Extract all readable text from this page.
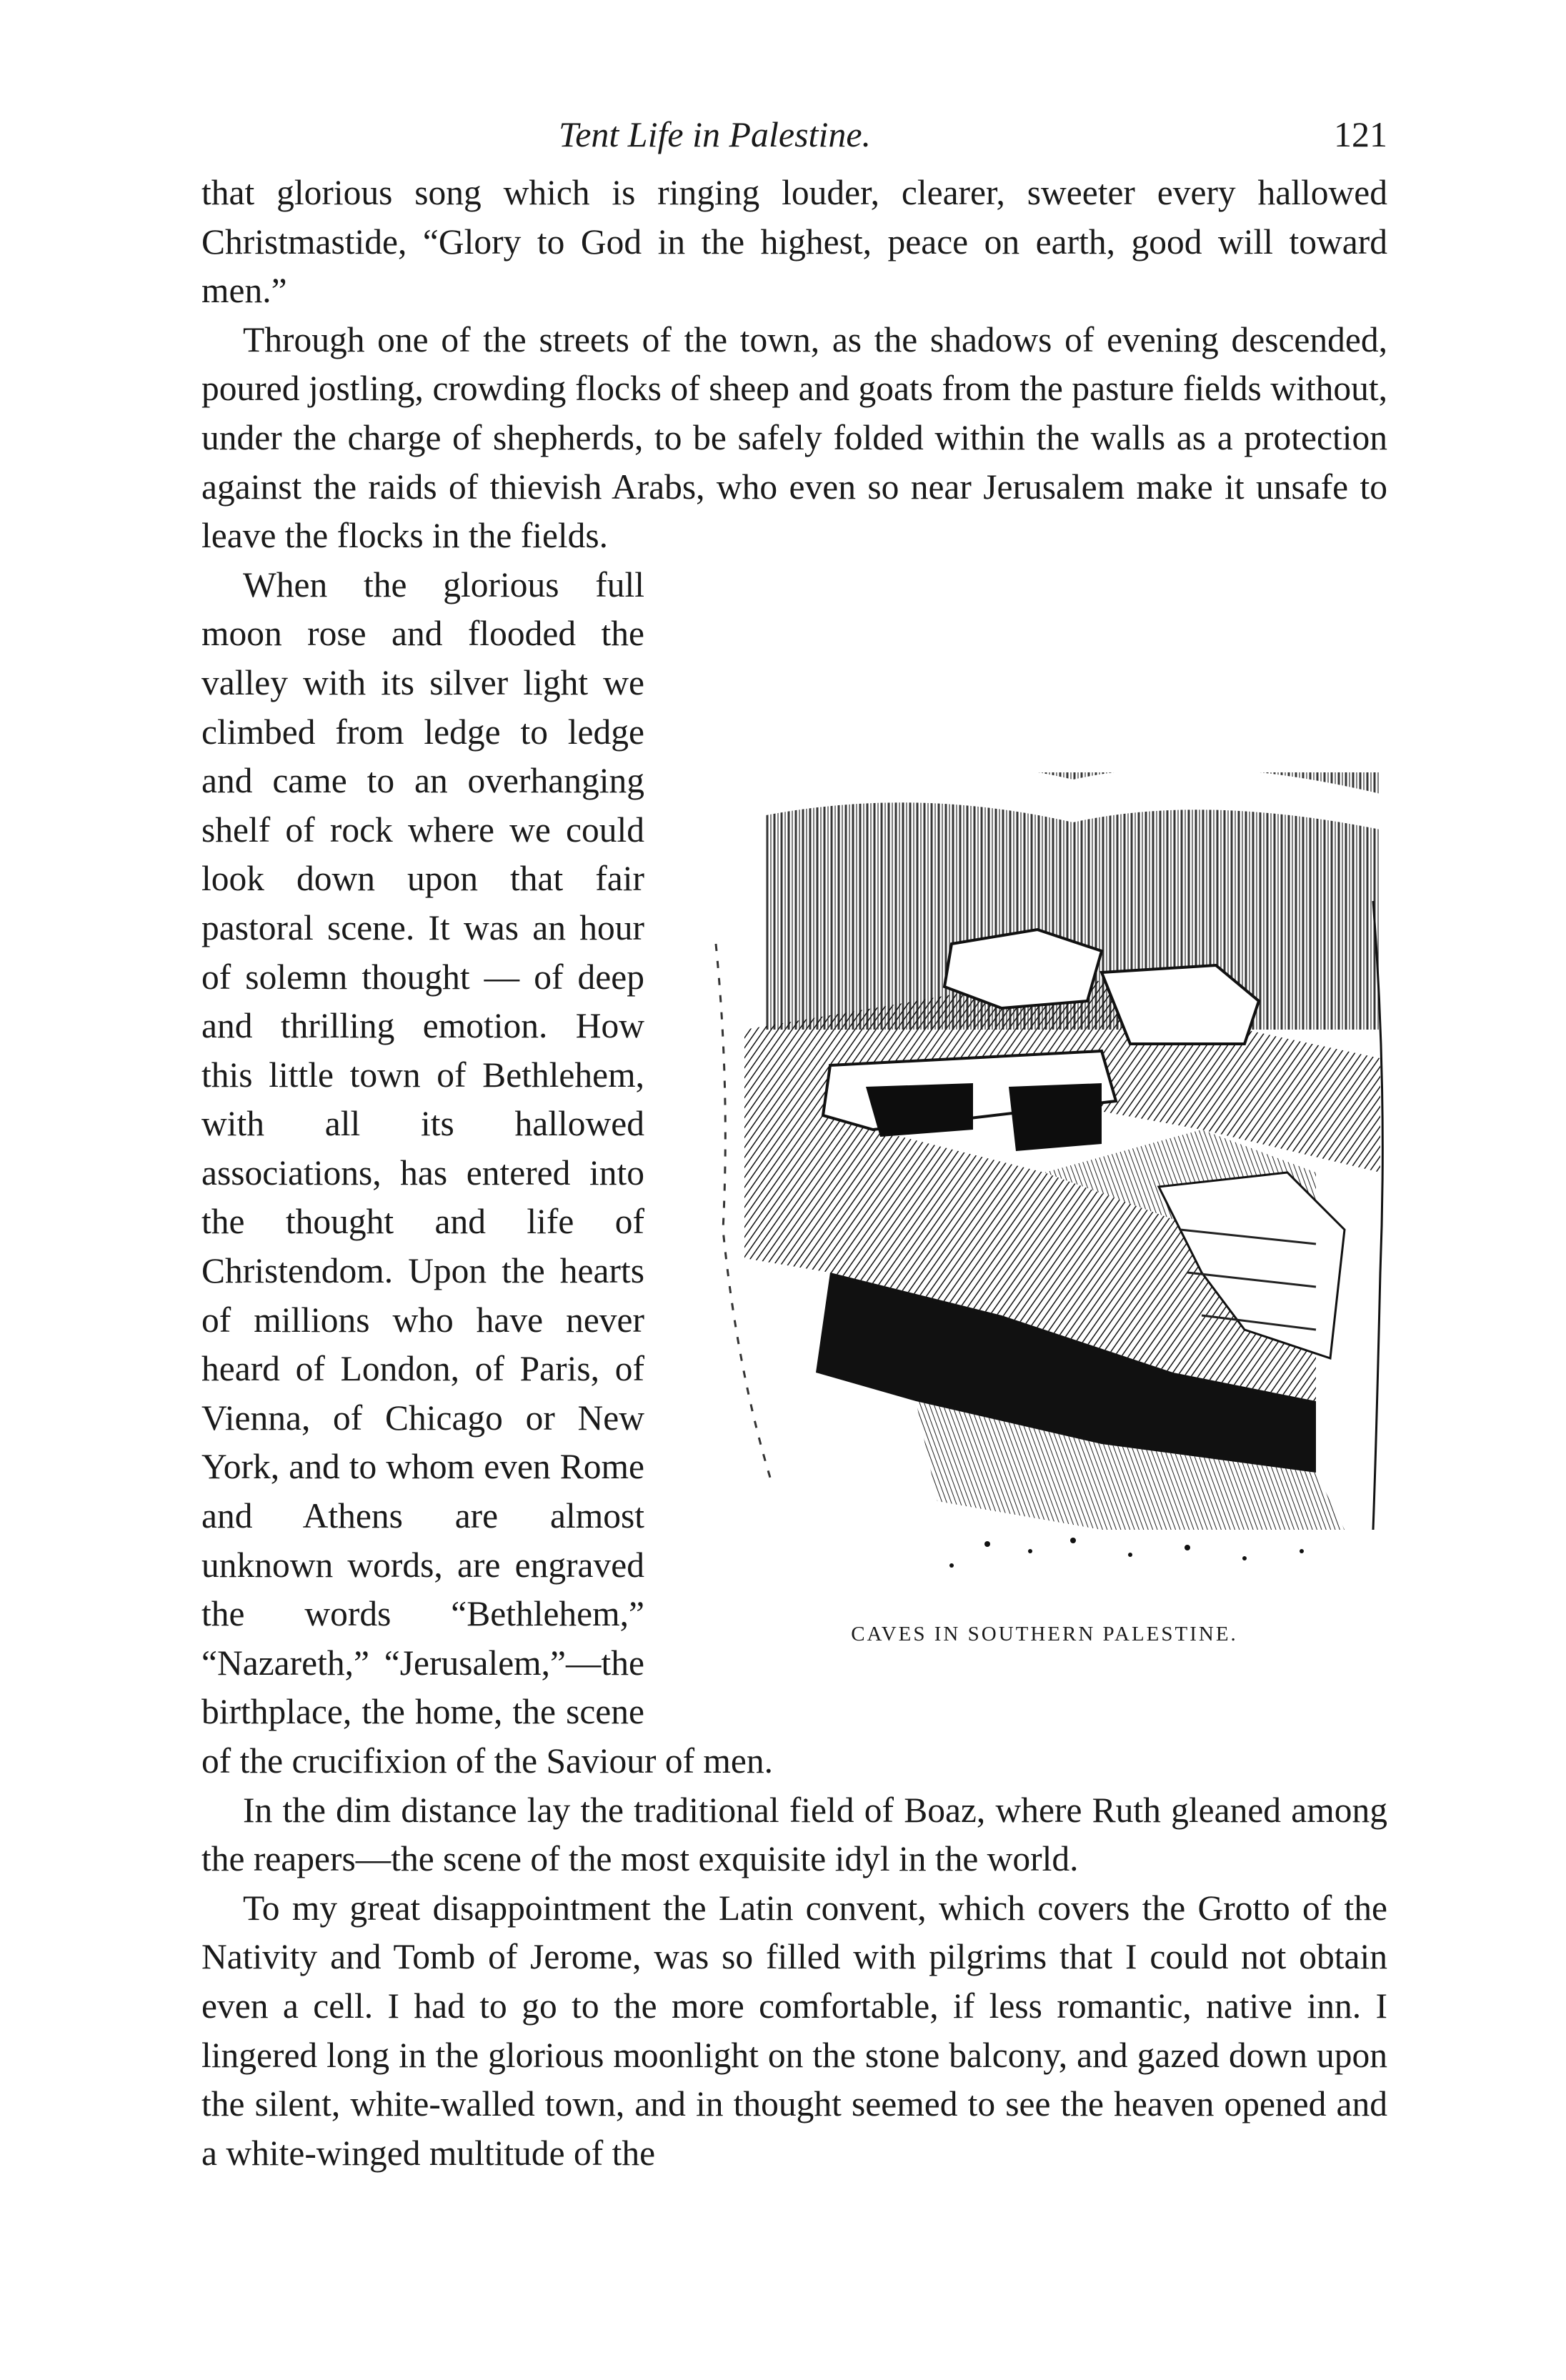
Tent Life in Palestine.	121

that glorious song which is ringing louder, clearer, sweeter every hallowed Christmastide, “Glory to God in the highest, peace on earth, good will toward men.”

Through one of the streets of the town, as the shadows of evening descended, poured jostling, crowding flocks of sheep and goats from the pasture fields without, under the charge of shepherds, to be safely folded within the walls as a protection against the raids of thievish Arabs, who even so near Jerusalem make it unsafe to leave the flocks in the fields.

CAVES IN SOUTHERN PALESTINE.

When the glorious full moon rose and flooded the valley with its silver light we climbed from ledge to ledge and came to an overhanging shelf of rock where we could look down upon that fair pastoral scene. It was an hour of solemn thought — of deep and thrilling emotion. How this little town of Bethlehem, with all its hallowed associations, has entered into the thought and life of Christendom. Upon the hearts of millions who have never heard of London, of Paris, of Vienna, of Chicago or New York, and to whom even Rome and Athens are almost unknown words, are engraved the words “Bethlehem,” “Nazareth,” “Jerusalem,”—the birthplace, the home, the scene of the crucifixion of the Saviour of men.

In the dim distance lay the traditional field of Boaz, where Ruth gleaned among the reapers—the scene of the most exquisite idyl in the world.

To my great disappointment the Latin convent, which covers the Grotto of the Nativity and Tomb of Jerome, was so filled with pilgrims that I could not obtain even a cell. I had to go to the more comfortable, if less romantic, native inn. I lingered long in the glorious moonlight on the stone balcony, and gazed down upon the silent, white-walled town, and in thought seemed to see the heaven opened and a white-winged multitude of the
